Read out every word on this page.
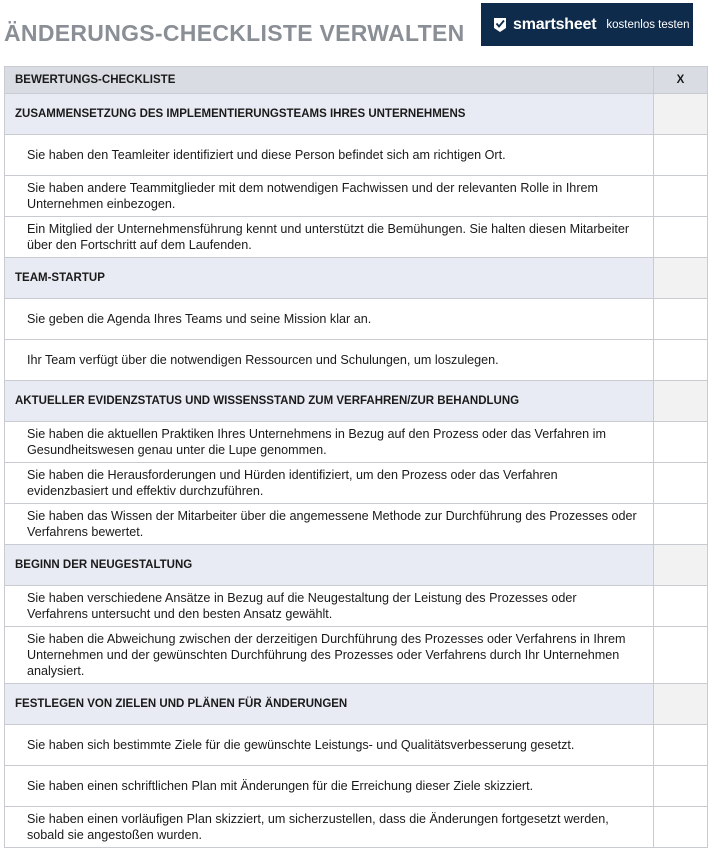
ÄNDERUNGS-CHECKLISTE VERWALTEN	smartsheet kostenlos testen
BEWERTUNGS-CHECKLISTE	X
ZUSAMMENSETZUNG DES IMPLEMENTIERUNGSTEAMS IHRES UNTERNEHMENS	
Sie haben den Teamleiter identifiziert und diese Person befindet sich am richtigen Ort.	
Sie haben andere Teammitglieder mit dem notwendigen Fachwissen und der relevanten Rolle in Ihrem Unternehmen einbezogen.	
Ein Mitglied der Unternehmensführung kennt und unterstützt die Bemühungen. Sie halten diesen Mitarbeiter über den Fortschritt auf dem Laufenden.	
TEAM-STARTUP	
Sie geben die Agenda Ihres Teams und seine Mission klar an.	
Ihr Team verfügt über die notwendigen Ressourcen und Schulungen, um loszulegen.	
AKTUELLER EVIDENZSTATUS UND WISSENSSTAND ZUM VERFAHREN/ZUR BEHANDLUNG	
Sie haben die aktuellen Praktiken Ihres Unternehmens in Bezug auf den Prozess oder das Verfahren im Gesundheitswesen genau unter die Lupe genommen.	
Sie haben die Herausforderungen und Hürden identifiziert, um den Prozess oder das Verfahren evidenzbasiert und effektiv durchzuführen.	
Sie haben das Wissen der Mitarbeiter über die angemessene Methode zur Durchführung des Prozesses oder Verfahrens bewertet.	
BEGINN DER NEUGESTALTUNG	
Sie haben verschiedene Ansätze in Bezug auf die Neugestaltung der Leistung des Prozesses oder Verfahrens untersucht und den besten Ansatz gewählt.	
Sie haben die Abweichung zwischen der derzeitigen Durchführung des Prozesses oder Verfahrens in Ihrem Unternehmen und der gewünschten Durchführung des Prozesses oder Verfahrens durch Ihr Unternehmen analysiert.	
FESTLEGEN VON ZIELEN UND PLÄNEN FÜR ÄNDERUNGEN	
Sie haben sich bestimmte Ziele für die gewünschte Leistungs- und Qualitätsverbesserung gesetzt.	
Sie haben einen schriftlichen Plan mit Änderungen für die Erreichung dieser Ziele skizziert.	
Sie haben einen vorläufigen Plan skizziert, um sicherzustellen, dass die Änderungen fortgesetzt werden, sobald sie angestoßen wurden.	
